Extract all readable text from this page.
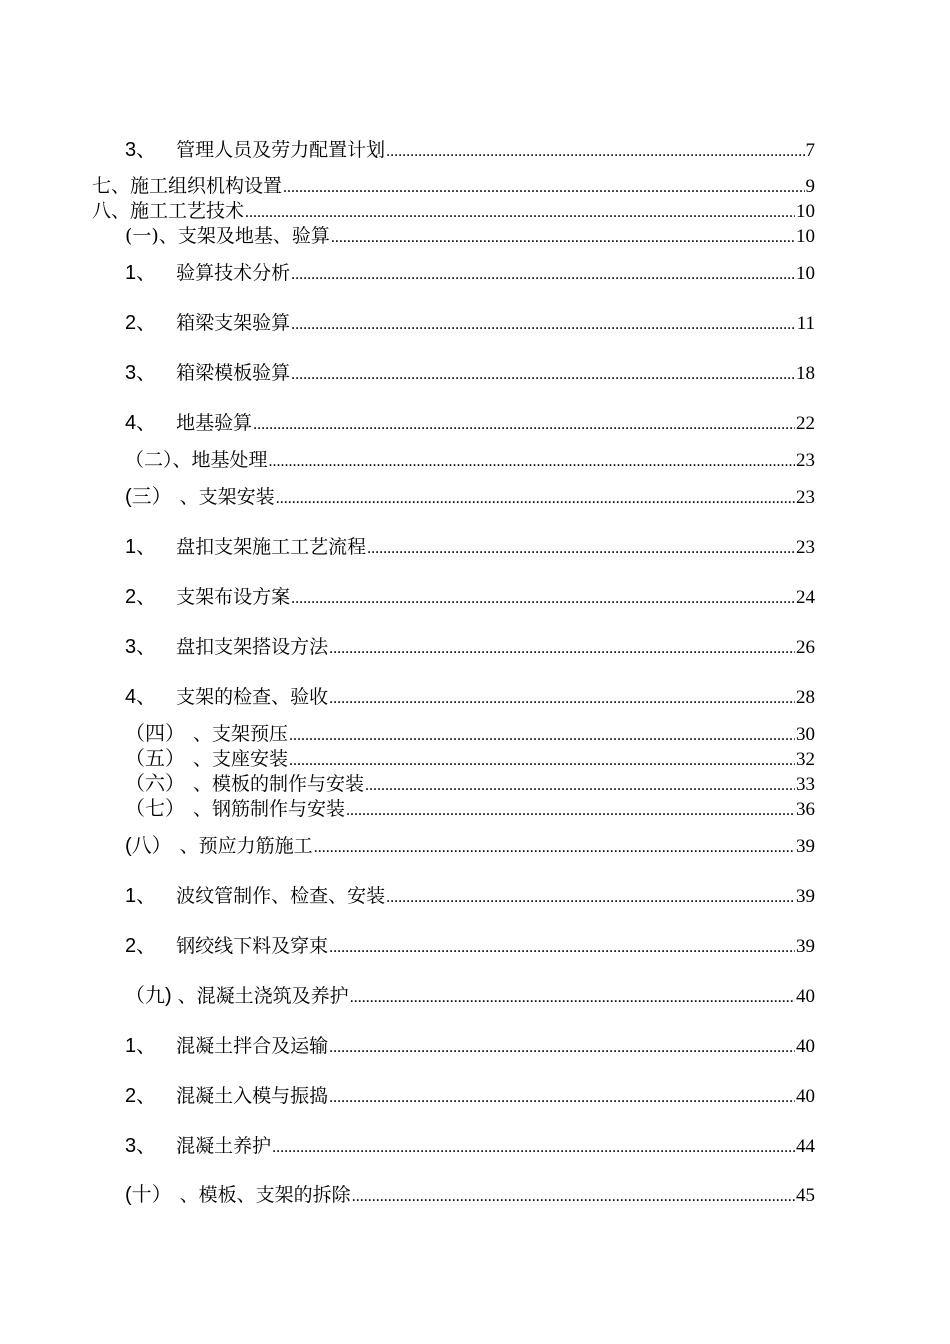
3、	管理人员及劳力配置计划 .....	7
七、施工组织机构设置 .....	9
八、施工工艺技术 .....	10
(一)、支架及地基、验算 .....	10
1、	验算技术分析 .....	10
2、	箱梁支架验算 .....	11
3、	箱梁模板验算 .....	18
4、	地基验算 .....	22
（二）、地基处理 .....	23
(三） 、支架安装 .....	23
1、	盘扣支架施工工艺流程 .....	23
2、	支架布设方案 .....	24
3、	盘扣支架搭设方法 .....	26
4、	支架的检查、验收 .....	28
（四） 、支架预压 .....	30
（五） 、支座安装 .....	32
（六） 、模板的制作与安装 .....	33
（七） 、钢筋制作与安装 .....	36
(八） 、预应力筋施工 .....	39
1、	波纹管制作、检查、安装 .....	39
2、	钢绞线下料及穿束 .....	39
（九) 、混凝土浇筑及养护 .....	40
1、	混凝土拌合及运输 .....	40
2、	混凝土入模与振捣 .....	40
3、	混凝土养护 .....	44
(十） 、模板、支架的拆除 .....	45
